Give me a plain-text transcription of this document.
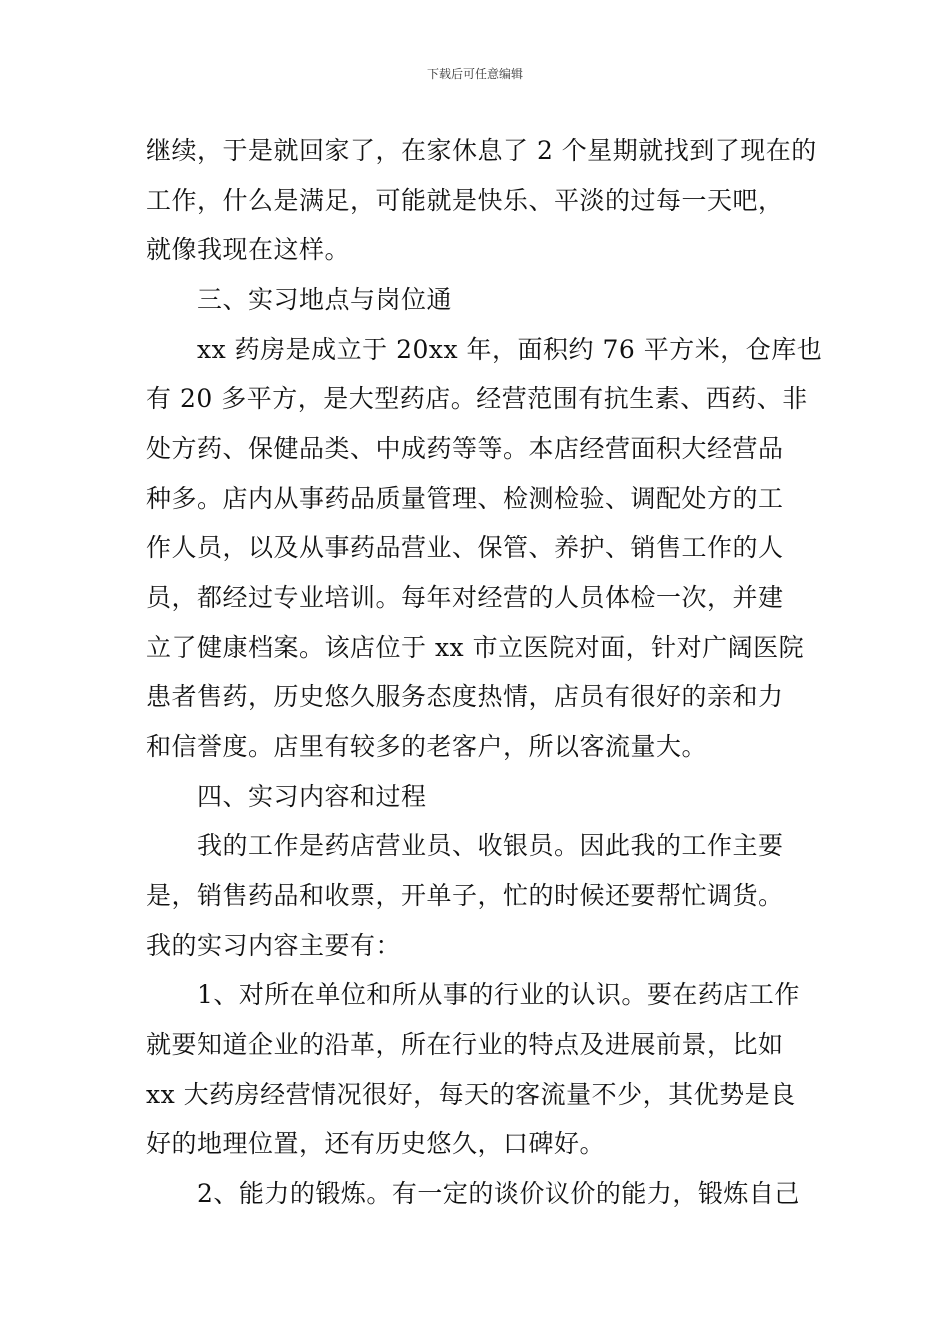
下载后可任意编辑
继续，于是就回家了，在家休息了 2 个星期就找到了现在的
工作，什么是满足，可能就是快乐、平淡的过每一天吧，
就像我现在这样。
三、实习地点与岗位通
xx 药房是成立于 20xx 年，面积约 76 平方米，仓库也
有 20 多平方，是大型药店。经营范围有抗生素、西药、非
处方药、保健品类、中成药等等。本店经营面积大经营品
种多。店内从事药品质量管理、检测检验、调配处方的工
作人员，以及从事药品营业、保管、养护、销售工作的人
员，都经过专业培训。每年对经营的人员体检一次，并建
立了健康档案。该店位于 xx 市立医院对面，针对广阔医院
患者售药，历史悠久服务态度热情，店员有很好的亲和力
和信誉度。店里有较多的老客户，所以客流量大。
四、实习内容和过程
我的工作是药店营业员、收银员。因此我的工作主要
是，销售药品和收票，开单子，忙的时候还要帮忙调货。
我的实习内容主要有：
1、对所在单位和所从事的行业的认识。要在药店工作
就要知道企业的沿革，所在行业的特点及进展前景，比如
xx 大药房经营情况很好，每天的客流量不少，其优势是良
好的地理位置，还有历史悠久，口碑好。
2、能力的锻炼。有一定的谈价议价的能力，锻炼自己
